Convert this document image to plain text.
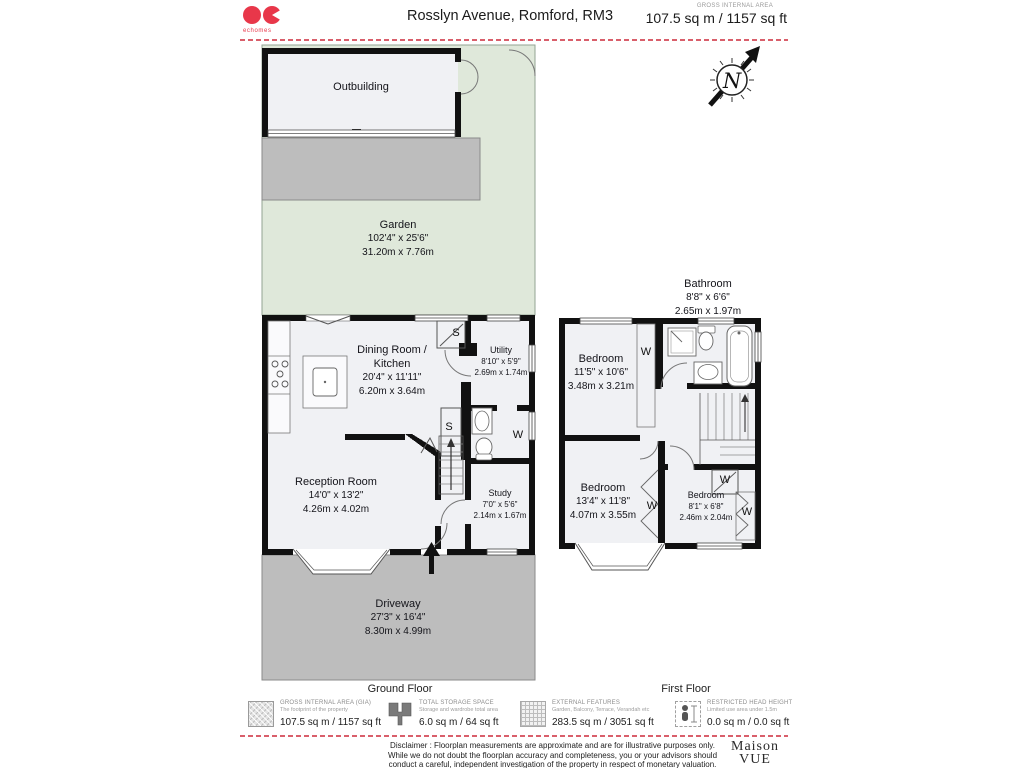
echomes
Rosslyn Avenue, Romford, RM3
GROSS INTERNAL AREA
107.5 sq m / 1157 sq ft
N
Outbuilding
Garden
102'4" x 25'6"
31.20m x 7.76m
Dining Room /
Kitchen
20'4" x 11'11"
6.20m x 3.64m
Utility
8'10" x 5'9"
2.69m x 1.74m
Reception Room
14'0" x 13'2"
4.26m x 4.02m
Study
7'0" x 5'6"
2.14m x 1.67m
Driveway
27'3" x 16'4"
8.30m x 4.99m
Bathroom
8'8" x 6'6"
2.65m x 1.97m
Bedroom
11'5" x 10'6"
3.48m x 3.21m
Bedroom
13'4" x 11'8"
4.07m x 3.55m
Bedroom
8'1" x 6'8"
2.46m x 2.04m
S
S
W
W
W
W
W
Ground Floor	First Floor
GROSS INTERNAL AREA (GIA)
The footprint of the property
107.5 sq m / 1157 sq ft
TOTAL STORAGE SPACE
Storage and wardrobe total area
6.0 sq m / 64 sq ft
EXTERNAL FEATURES
Garden, Balcony, Terrace, Verandah etc
283.5 sq m / 3051 sq ft
RESTRICTED HEAD HEIGHT
Limited use area under 1.5m
0.0 sq m / 0.0 sq ft
Disclaimer : Floorplan measurements are approximate and are for illustrative purposes only.
While we do not doubt the floorplan accuracy and completeness, you or your advisors should
conduct a careful, independent investigation of the property in respect of monetary valuation.
Maison
VUE
